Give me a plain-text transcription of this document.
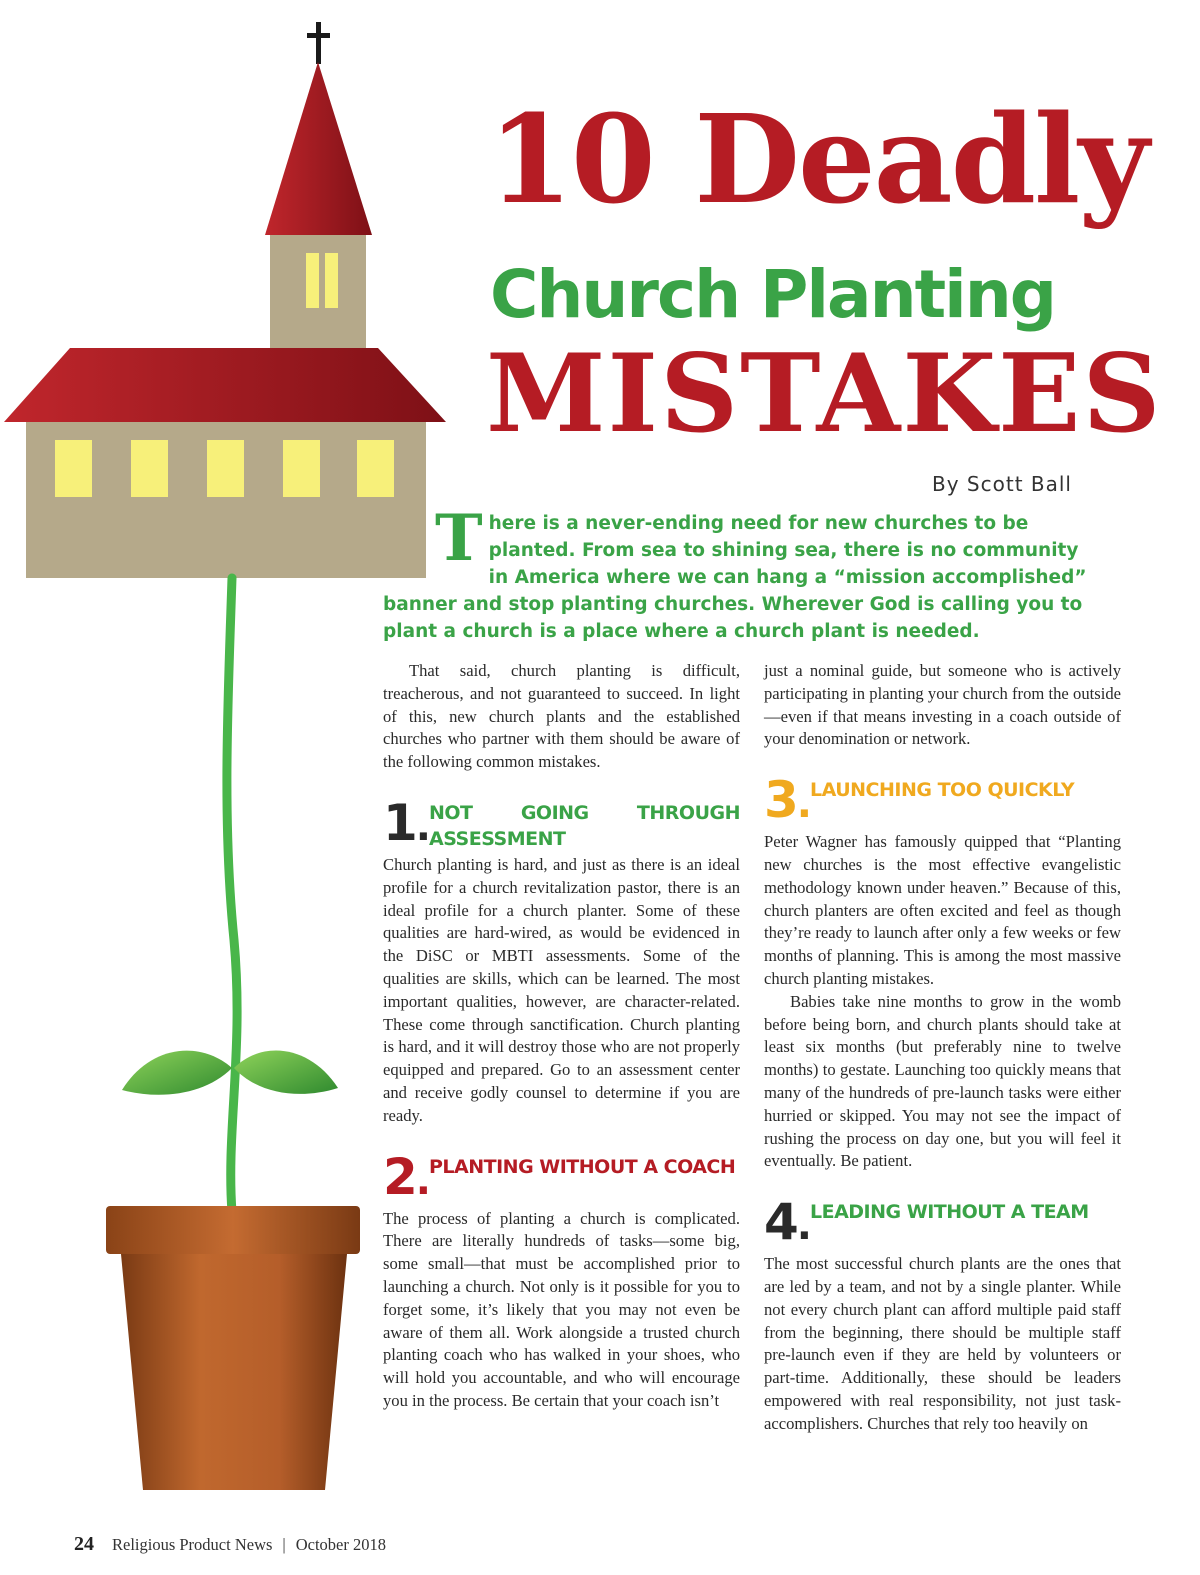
10 Deadly
Church Planting
MISTAKES
By Scott Ball
T here is a never-ending need for new churches to be planted. From sea to shining sea, there is no community in America where we can hang a “mission accomplished” banner and stop planting churches. Wherever God is calling you to plant a church is a place where a church plant is needed.

That said, church planting is difficult, treacherous, and not guaranteed to succeed. In light of this, new church plants and the established churches who partner with them should be aware of the following common mistakes.

1. NOT GOING THROUGH ASSESSMENT

Church planting is hard, and just as there is an ideal profile for a church revitalization pastor, there is an ideal profile for a church planter. Some of these qualities are hard-wired, as would be evidenced in the DiSC or MBTI assessments. Some of the qualities are skills, which can be learned. The most important qualities, however, are character-related. These come through sanctification. Church planting is hard, and it will destroy those who are not properly equipped and prepared. Go to an assessment center and receive godly counsel to determine if you are ready.

2. PLANTING WITHOUT A COACH

The process of planting a church is complicated. There are literally hundreds of tasks—some big, some small—that must be accomplished prior to launching a church. Not only is it possible for you to forget some, it’s likely that you may not even be aware of them all. Work alongside a trusted church planting coach who has walked in your shoes, who will hold you accountable, and who will encourage you in the process. Be certain that your coach isn’t

just a nominal guide, but someone who is actively participating in planting your church from the outside—even if that means investing in a coach outside of your denomination or network.

3. LAUNCHING TOO QUICKLY

Peter Wagner has famously quipped that “Planting new churches is the most effective evangelistic methodology known under heaven.” Because of this, church planters are often excited and feel as though they’re ready to launch after only a few weeks or few months of planning. This is among the most massive church planting mistakes.

Babies take nine months to grow in the womb before being born, and church plants should take at least six months (but preferably nine to twelve months) to gestate. Launching too quickly means that many of the hundreds of pre-launch tasks were either hurried or skipped. You may not see the impact of rushing the process on day one, but you will feel it eventually. Be patient.

4. LEADING WITHOUT A TEAM

The most successful church plants are the ones that are led by a team, and not by a single planter. While not every church plant can afford multiple paid staff from the beginning, there should be multiple staff pre-launch even if they are held by volunteers or part-time. Additionally, these should be leaders empowered with real responsibility, not just task-accomplishers. Churches that rely too heavily on

24 Religious Product News | October 2018
